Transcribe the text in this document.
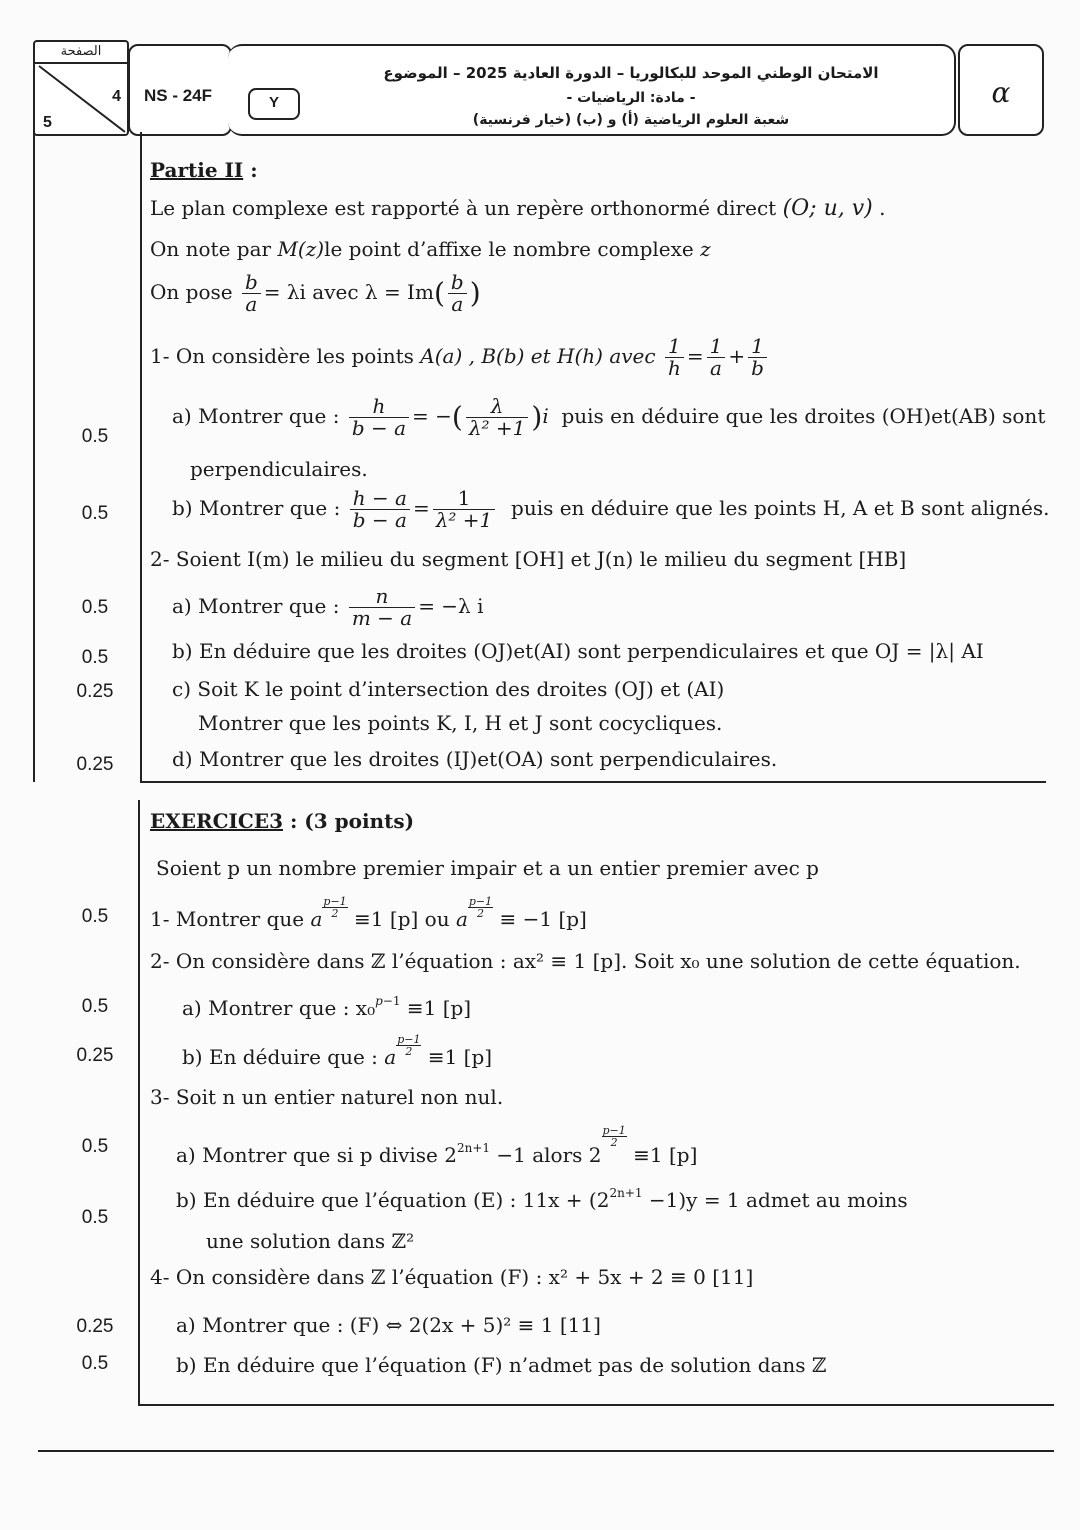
الصفحة
4
5
NS - 24F
الامتحان الوطني الموحد للبكالوريا – الدورة العادية 2025 – الموضوع
- مادة: الرياضيات -
شعبة العلوم الرياضية (أ) و (ب) (خيار فرنسية)
Y	α
0.5
0.5
0.5
0.5
0.25
0.25
0.5
0.5
0.25
0.5
0.5
0.25
0.5
Partie II :
Le plan complexe est rapporté à un repère orthonormé direct (O; u, v) .
On note par M(z)le point d’affixe le nombre complexe z
On pose $\frac{b}{a} = \lambda i$ avec $\lambda = Im( \frac{b}{a}$ )
1- On considère les points A(a) , B(b) et H(h) avec $\frac{1}{h} = \frac{1}{a} + \frac{1}{b}$
a) Montrer que : $\frac{h}{b - a}$ = −( $\frac{\lambda}{\text{λ² +1}} )i$ puis en déduire que les droites (OH)et(AB) sont
perpendiculaires.
b) Montrer que : $\frac{h - a}{b - a} = \frac{1}{\text{λ² +1}}$ puis en déduire que les points H, A et B sont alignés.
2- Soient I(m) le milieu du segment [OH] et J(n) le milieu du segment [HB]
a) Montrer que : $\frac{n}{m - a} = -\lambda$ i
b) En déduire que les droites (OJ)et(AI) sont perpendiculaires et que OJ = |λ| AI
c) Soit K le point d’intersection des droites (OJ) et (AI)
Montrer que les points K, I, H et J sont cocycliques.
d) Montrer que les droites (IJ)et(OA) sont perpendiculaires.
EXERCICE3 : (3 points)
Soient p un nombre premier impair et a un entier premier avec p
1- Montrer que a $\frac{p-1}{2} \equiv 1$ [p] ou a $\frac{p-1}{2} \equiv -1$ [p]
2- On considère dans ℤ l’équation : ax² ≡ 1 [p]. Soit x₀ une solution de cette équation.
a) Montrer que : x₀$^{p-1}$ ≡1 [p]
b) En déduire que : a $\frac{p-1}{2} \equiv 1$ [p]
3- Soit n un entier naturel non nul.
a) Montrer que si p divise $2^{2n+1} -1$ alors 2
$\frac{p-1}{2}$
≡1 [p]
b) En déduire que l’équation (E) : $11x + (2^{2n+1} -1)y = 1$ admet au moins
une solution dans ℤ²
4- On considère dans ℤ l’équation (F) : x² + 5x + 2 ≡ 0 [11]
a) Montrer que : (F) ⇔ 2(2x + 5)² ≡ 1 [11]
b) En déduire que l’équation (F) n’admet pas de solution dans ℤ
